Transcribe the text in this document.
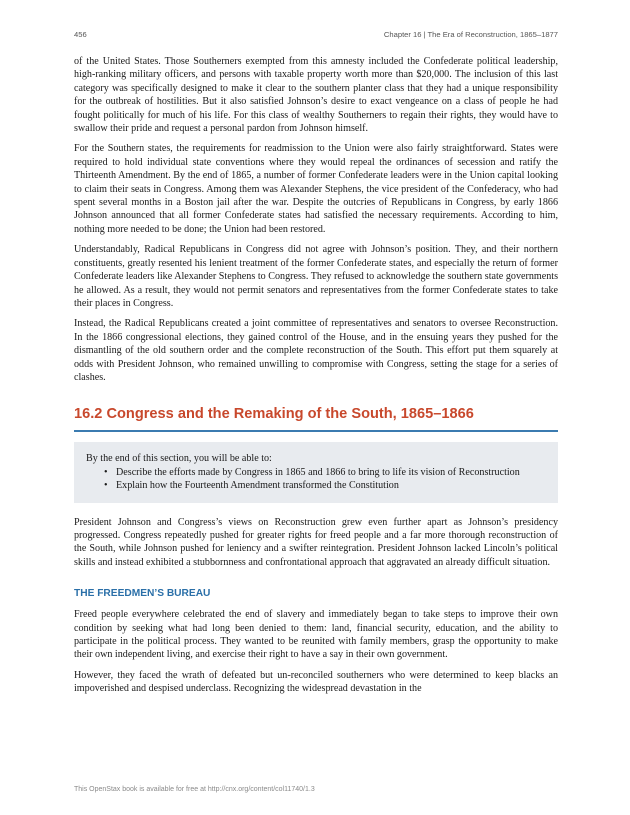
456	Chapter 16 | The Era of Reconstruction, 1865–1877

of the United States. Those Southerners exempted from this amnesty included the Confederate political leadership, high-ranking military officers, and persons with taxable property worth more than $20,000. The inclusion of this last category was specifically designed to make it clear to the southern planter class that they had a unique responsibility for the outbreak of hostilities. But it also satisfied Johnson’s desire to exact vengeance on a class of people he had fought politically for much of his life. For this class of wealthy Southerners to regain their rights, they would have to swallow their pride and request a personal pardon from Johnson himself.

For the Southern states, the requirements for readmission to the Union were also fairly straightforward. States were required to hold individual state conventions where they would repeal the ordinances of secession and ratify the Thirteenth Amendment. By the end of 1865, a number of former Confederate leaders were in the Union capital looking to claim their seats in Congress. Among them was Alexander Stephens, the vice president of the Confederacy, who had spent several months in a Boston jail after the war. Despite the outcries of Republicans in Congress, by early 1866 Johnson announced that all former Confederate states had satisfied the necessary requirements. According to him, nothing more needed to be done; the Union had been restored.

Understandably, Radical Republicans in Congress did not agree with Johnson’s position. They, and their northern constituents, greatly resented his lenient treatment of the former Confederate states, and especially the return of former Confederate leaders like Alexander Stephens to Congress. They refused to acknowledge the southern state governments he allowed. As a result, they would not permit senators and representatives from the former Confederate states to take their places in Congress.

Instead, the Radical Republicans created a joint committee of representatives and senators to oversee Reconstruction. In the 1866 congressional elections, they gained control of the House, and in the ensuing years they pushed for the dismantling of the old southern order and the complete reconstruction of the South. This effort put them squarely at odds with President Johnson, who remained unwilling to compromise with Congress, setting the stage for a series of clashes.

16.2 Congress and the Remaking of the South, 1865–1866

By the end of this section, you will be able to:

• Describe the efforts made by Congress in 1865 and 1866 to bring to life its vision of Reconstruction
• Explain how the Fourteenth Amendment transformed the Constitution

President Johnson and Congress’s views on Reconstruction grew even further apart as Johnson’s presidency progressed. Congress repeatedly pushed for greater rights for freed people and a far more thorough reconstruction of the South, while Johnson pushed for leniency and a swifter reintegration. President Johnson lacked Lincoln’s political skills and instead exhibited a stubbornness and confrontational approach that aggravated an already difficult situation.

THE FREEDMEN’S BUREAU

Freed people everywhere celebrated the end of slavery and immediately began to take steps to improve their own condition by seeking what had long been denied to them: land, financial security, education, and the ability to participate in the political process. They wanted to be reunited with family members, grasp the opportunity to make their own independent living, and exercise their right to have a say in their own government.

However, they faced the wrath of defeated but un-reconciled southerners who were determined to keep blacks an impoverished and despised underclass. Recognizing the widespread devastation in the

This OpenStax book is available for free at http://cnx.org/content/col11740/1.3
